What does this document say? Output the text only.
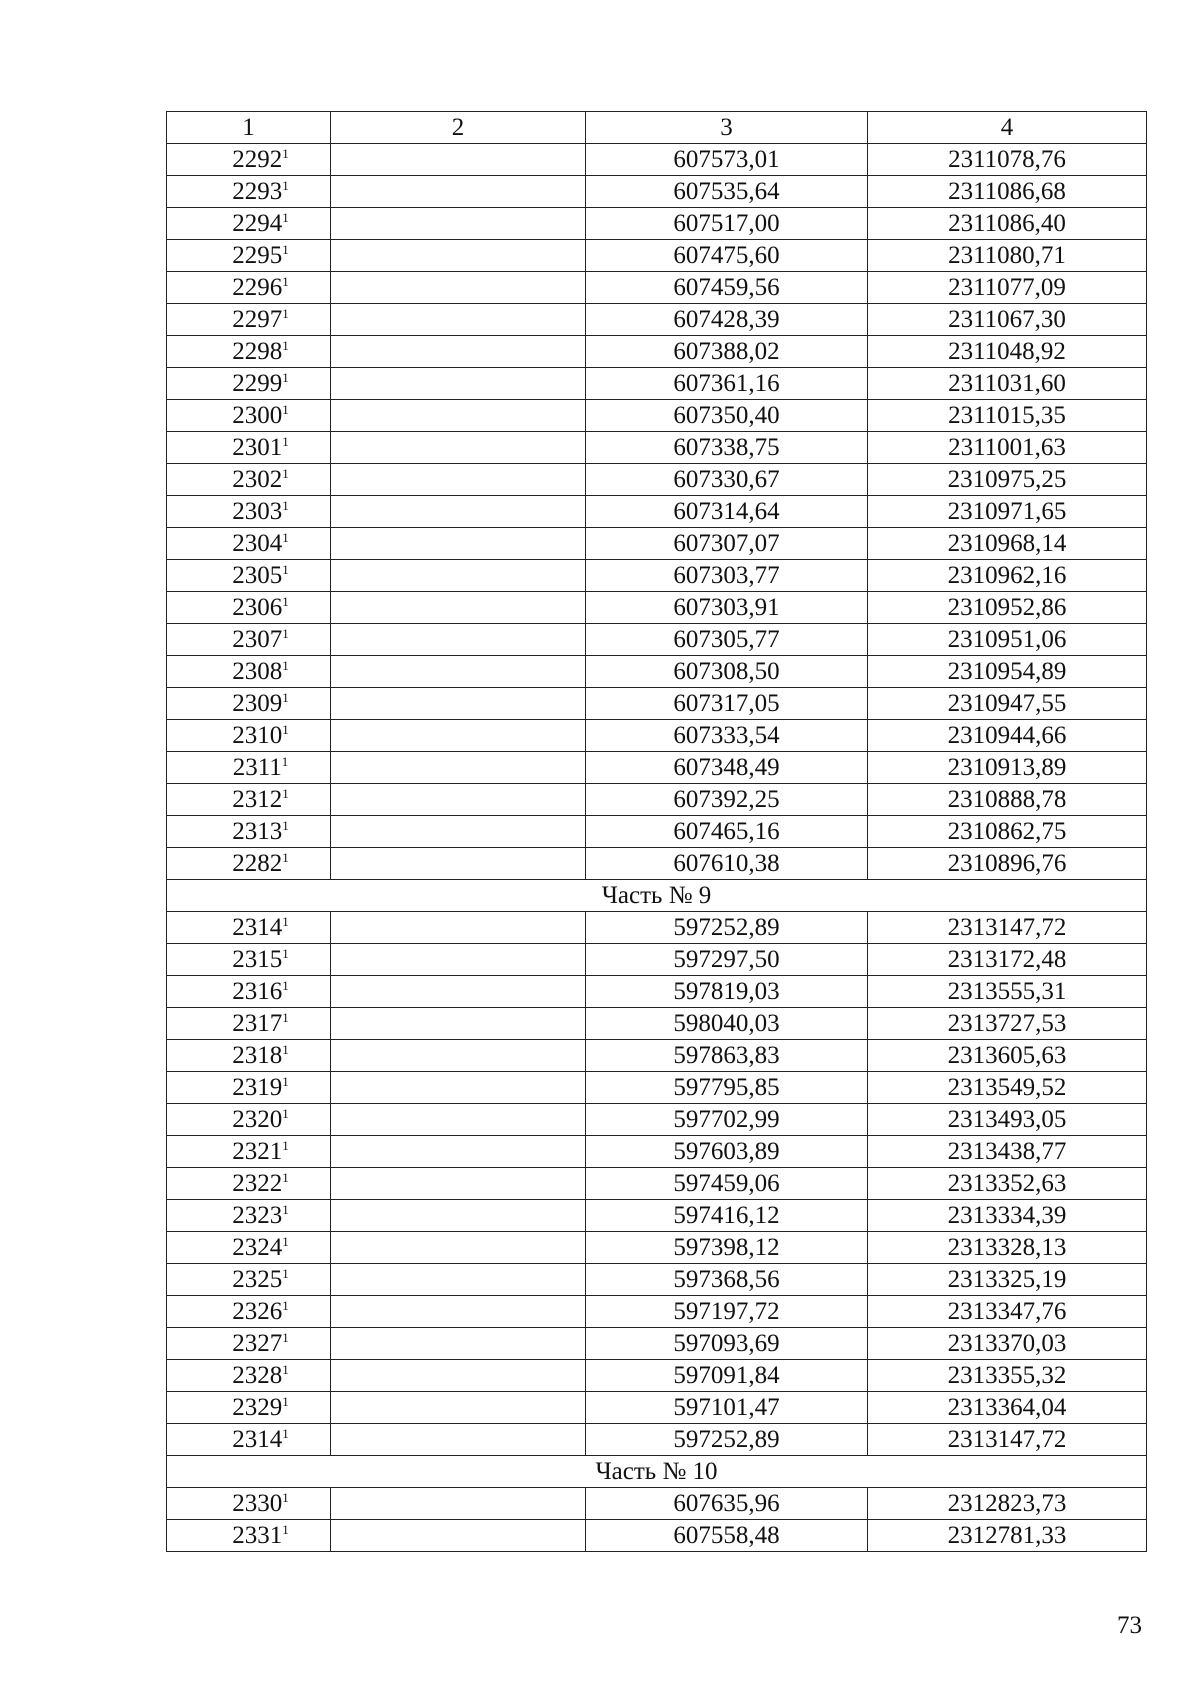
1	2	3	4
2292$^1$		607573,01	2311078,76
2293$^1$		607535,64	2311086,68
2294$^1$		607517,00	2311086,40
2295$^1$		607475,60	2311080,71
2296$^1$		607459,56	2311077,09
2297$^1$		607428,39	2311067,30
2298$^1$		607388,02	2311048,92
2299$^1$		607361,16	2311031,60
2300$^1$		607350,40	2311015,35
2301$^1$		607338,75	2311001,63
2302$^1$		607330,67	2310975,25
2303$^1$		607314,64	2310971,65
2304$^1$		607307,07	2310968,14
2305$^1$		607303,77	2310962,16
2306$^1$		607303,91	2310952,86
2307$^1$		607305,77	2310951,06
2308$^1$		607308,50	2310954,89
2309$^1$		607317,05	2310947,55
2310$^1$		607333,54	2310944,66
2311$^1$		607348,49	2310913,89
2312$^1$		607392,25	2310888,78
2313$^1$		607465,16	2310862,75
2282$^1$		607610,38	2310896,76
Часть № 9			
2314$^1$		597252,89	2313147,72
2315$^1$		597297,50	2313172,48
2316$^1$		597819,03	2313555,31
2317$^1$		598040,03	2313727,53
2318$^1$		597863,83	2313605,63
2319$^1$		597795,85	2313549,52
2320$^1$		597702,99	2313493,05
2321$^1$		597603,89	2313438,77
2322$^1$		597459,06	2313352,63
2323$^1$		597416,12	2313334,39
2324$^1$		597398,12	2313328,13
2325$^1$		597368,56	2313325,19
2326$^1$		597197,72	2313347,76
2327$^1$		597093,69	2313370,03
2328$^1$		597091,84	2313355,32
2329$^1$		597101,47	2313364,04
2314$^1$		597252,89	2313147,72
Часть № 10			
2330$^1$		607635,96	2312823,73
2331$^1$		607558,48	2312781,33
73
